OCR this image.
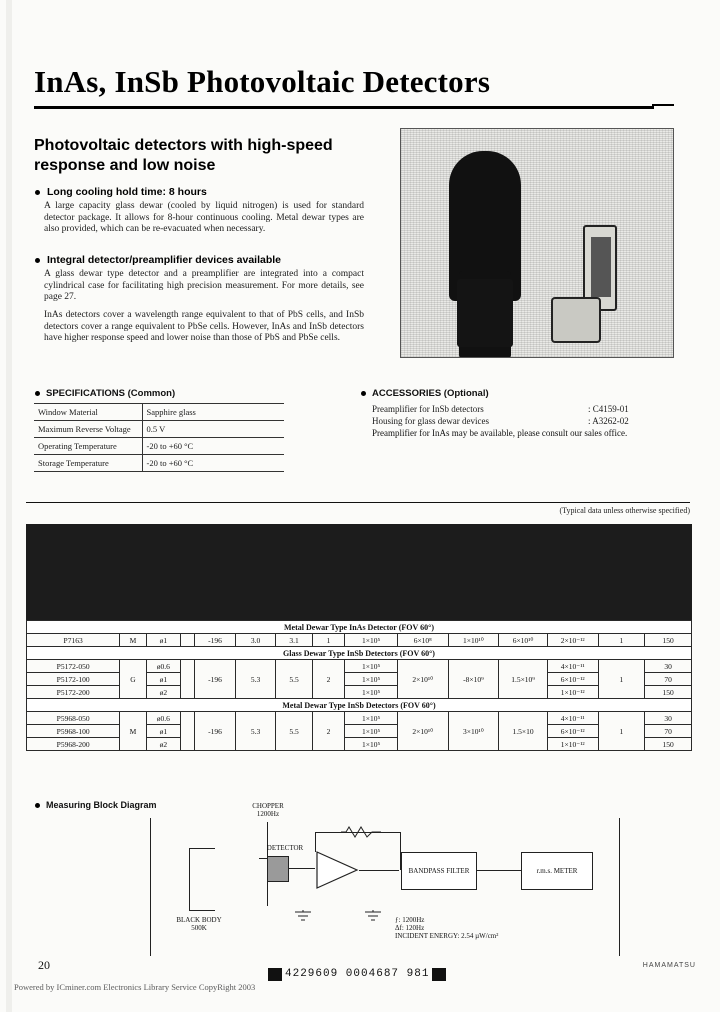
InAs, InSb Photovoltaic Detectors
Photovoltaic detectors with high-speed response and low noise
Long cooling hold time: 8 hours
A large capacity glass dewar (cooled by liquid nitrogen) is used for standard detector package. It allows for 8-hour continuous cooling. Metal dewar types are also provided, which can be re-evacuated when necessary.
Integral detector/preamplifier devices available
A glass dewar type detector and a preamplifier are integrated into a compact cylindrical case for facilitating high precision measurement. For more details, see page 27.
InAs detectors cover a wavelength range equivalent to that of PbS cells, and InSb detectors cover a range equivalent to PbSe cells. However, InAs and InSb detectors have higher response speed and lower noise than those of PbS and PbSe cells.
SPECIFICATIONS (Common)
Window Material	Sapphire glass
Maximum Reverse Voltage	0.5 V
Operating Temperature	-20 to +60 °C
Storage Temperature	-20 to +60 °C
ACCESSORIES (Optional)
Preamplifier for InSb detectors	: C4159-01
Housing for glass dewar devices	: A3262-02
Preamplifier for InAs may be available, please consult our sales office.
(Typical data unless otherwise specified)
Metal Dewar Type InAs Detector (FOV 60°)														
P7163	M	ø1		-196	3.0	3.1	1	1×10⁵	6×10⁸	1×10¹⁰	6×10¹⁰	2×10⁻¹²	1	150
Glass Dewar Type InSb Detectors (FOV 60°)														
P5172-050	G	ø0.6		-196	5.3	5.5	2	1×10⁵	2×10¹⁰	-8×10⁹	1.5×10⁹	4×10⁻¹¹	1	30
P5172-100		ø1						1×10⁵				6×10⁻¹²		70
P5172-200		ø2						1×10⁵				1×10⁻¹²		150
Metal Dewar Type InSb Detectors (FOV 60°)														
P5968-050	M	ø0.6		-196	5.3	5.5	2	1×10⁵	2×10¹⁰	3×10¹⁰	1.5×10	4×10⁻¹¹	1	30
P5968-100		ø1						1×10⁵				6×10⁻¹²		70
P5968-200		ø2						1×10⁵				1×10⁻¹²		150
Measuring Block Diagram	CHOPPER
1200Hz
BLACK BODY
500K
DETECTOR
BANDPASS FILTER	r.m.s. METER
ƒ: 1200Hz
Δf: 120Hz
INCIDENT ENERGY: 2.54 µW/cm²
20
4229609 0004687 981
Powered by ICminer.com Electronics Library Service CopyRight 2003
HAMAMATSU
